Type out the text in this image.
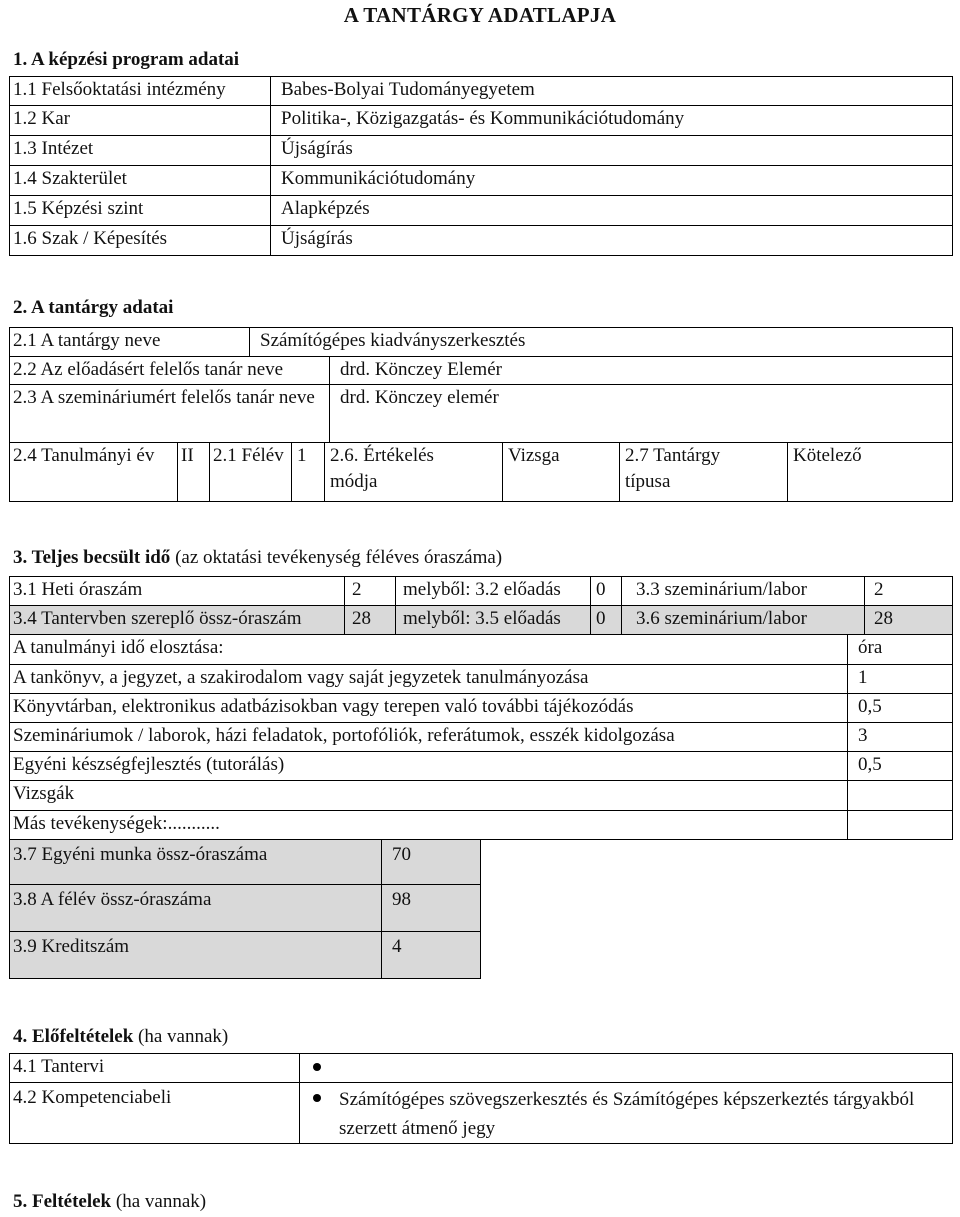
A TANTÁRGY ADATLAPJA
1. A képzési program adatai
1.1 Felsőoktatási intézmény	Babes-Bolyai Tudományegyetem
1.2 Kar	Politika-, Közigazgatás- és Kommunikációtudomány
1.3 Intézet	Újságírás
1.4 Szakterület	Kommunikációtudomány
1.5 Képzési szint	Alapképzés
1.6 Szak / Képesítés	Újságírás
2. A tantárgy adatai
2.1 A tantárgy neve	Számítógépes kiadványszerkesztés
2.2 Az előadásért felelős tanár neve	drd. Könczey Elemér
2.3 A szemináriumért felelős tanár neve	drd. Könczey elemér
2.4 Tanulmányi év	II	2.1 Félév	1	2.6. Értékelés módja	Vizsga	2.7 Tantárgy típusa	Kötelező
3. Teljes becsült idő (az oktatási tevékenység féléves óraszáma)
3.1 Heti óraszám	2	melyből: 3.2 előadás	0	3.3 szeminárium/labor	2
3.4 Tantervben szereplő össz-óraszám	28	melyből: 3.5 előadás	0	3.6 szeminárium/labor	28
A tanulmányi idő elosztása:	óra
A tankönyv, a jegyzet, a szakirodalom vagy saját jegyzetek tanulmányozása	1
Könyvtárban, elektronikus adatbázisokban vagy terepen való további tájékozódás	0,5
Szemináriumok / laborok, házi feladatok, portofóliók, referátumok, esszék kidolgozása	3
Egyéni készségfejlesztés (tutorálás)	0,5
Vizsgák	
Más tevékenységek:...........	
3.7 Egyéni munka össz-óraszáma	70
3.8 A félév össz-óraszáma	98
3.9 Kreditszám	4
4. Előfeltételek (ha vannak)
4.1 Tantervi	
4.2 Kompetenciabeli	Számítógépes szövegszerkesztés és Számítógépes képszerkeztés tárgyakból szerzett átmenő jegy
5. Feltételek (ha vannak)
